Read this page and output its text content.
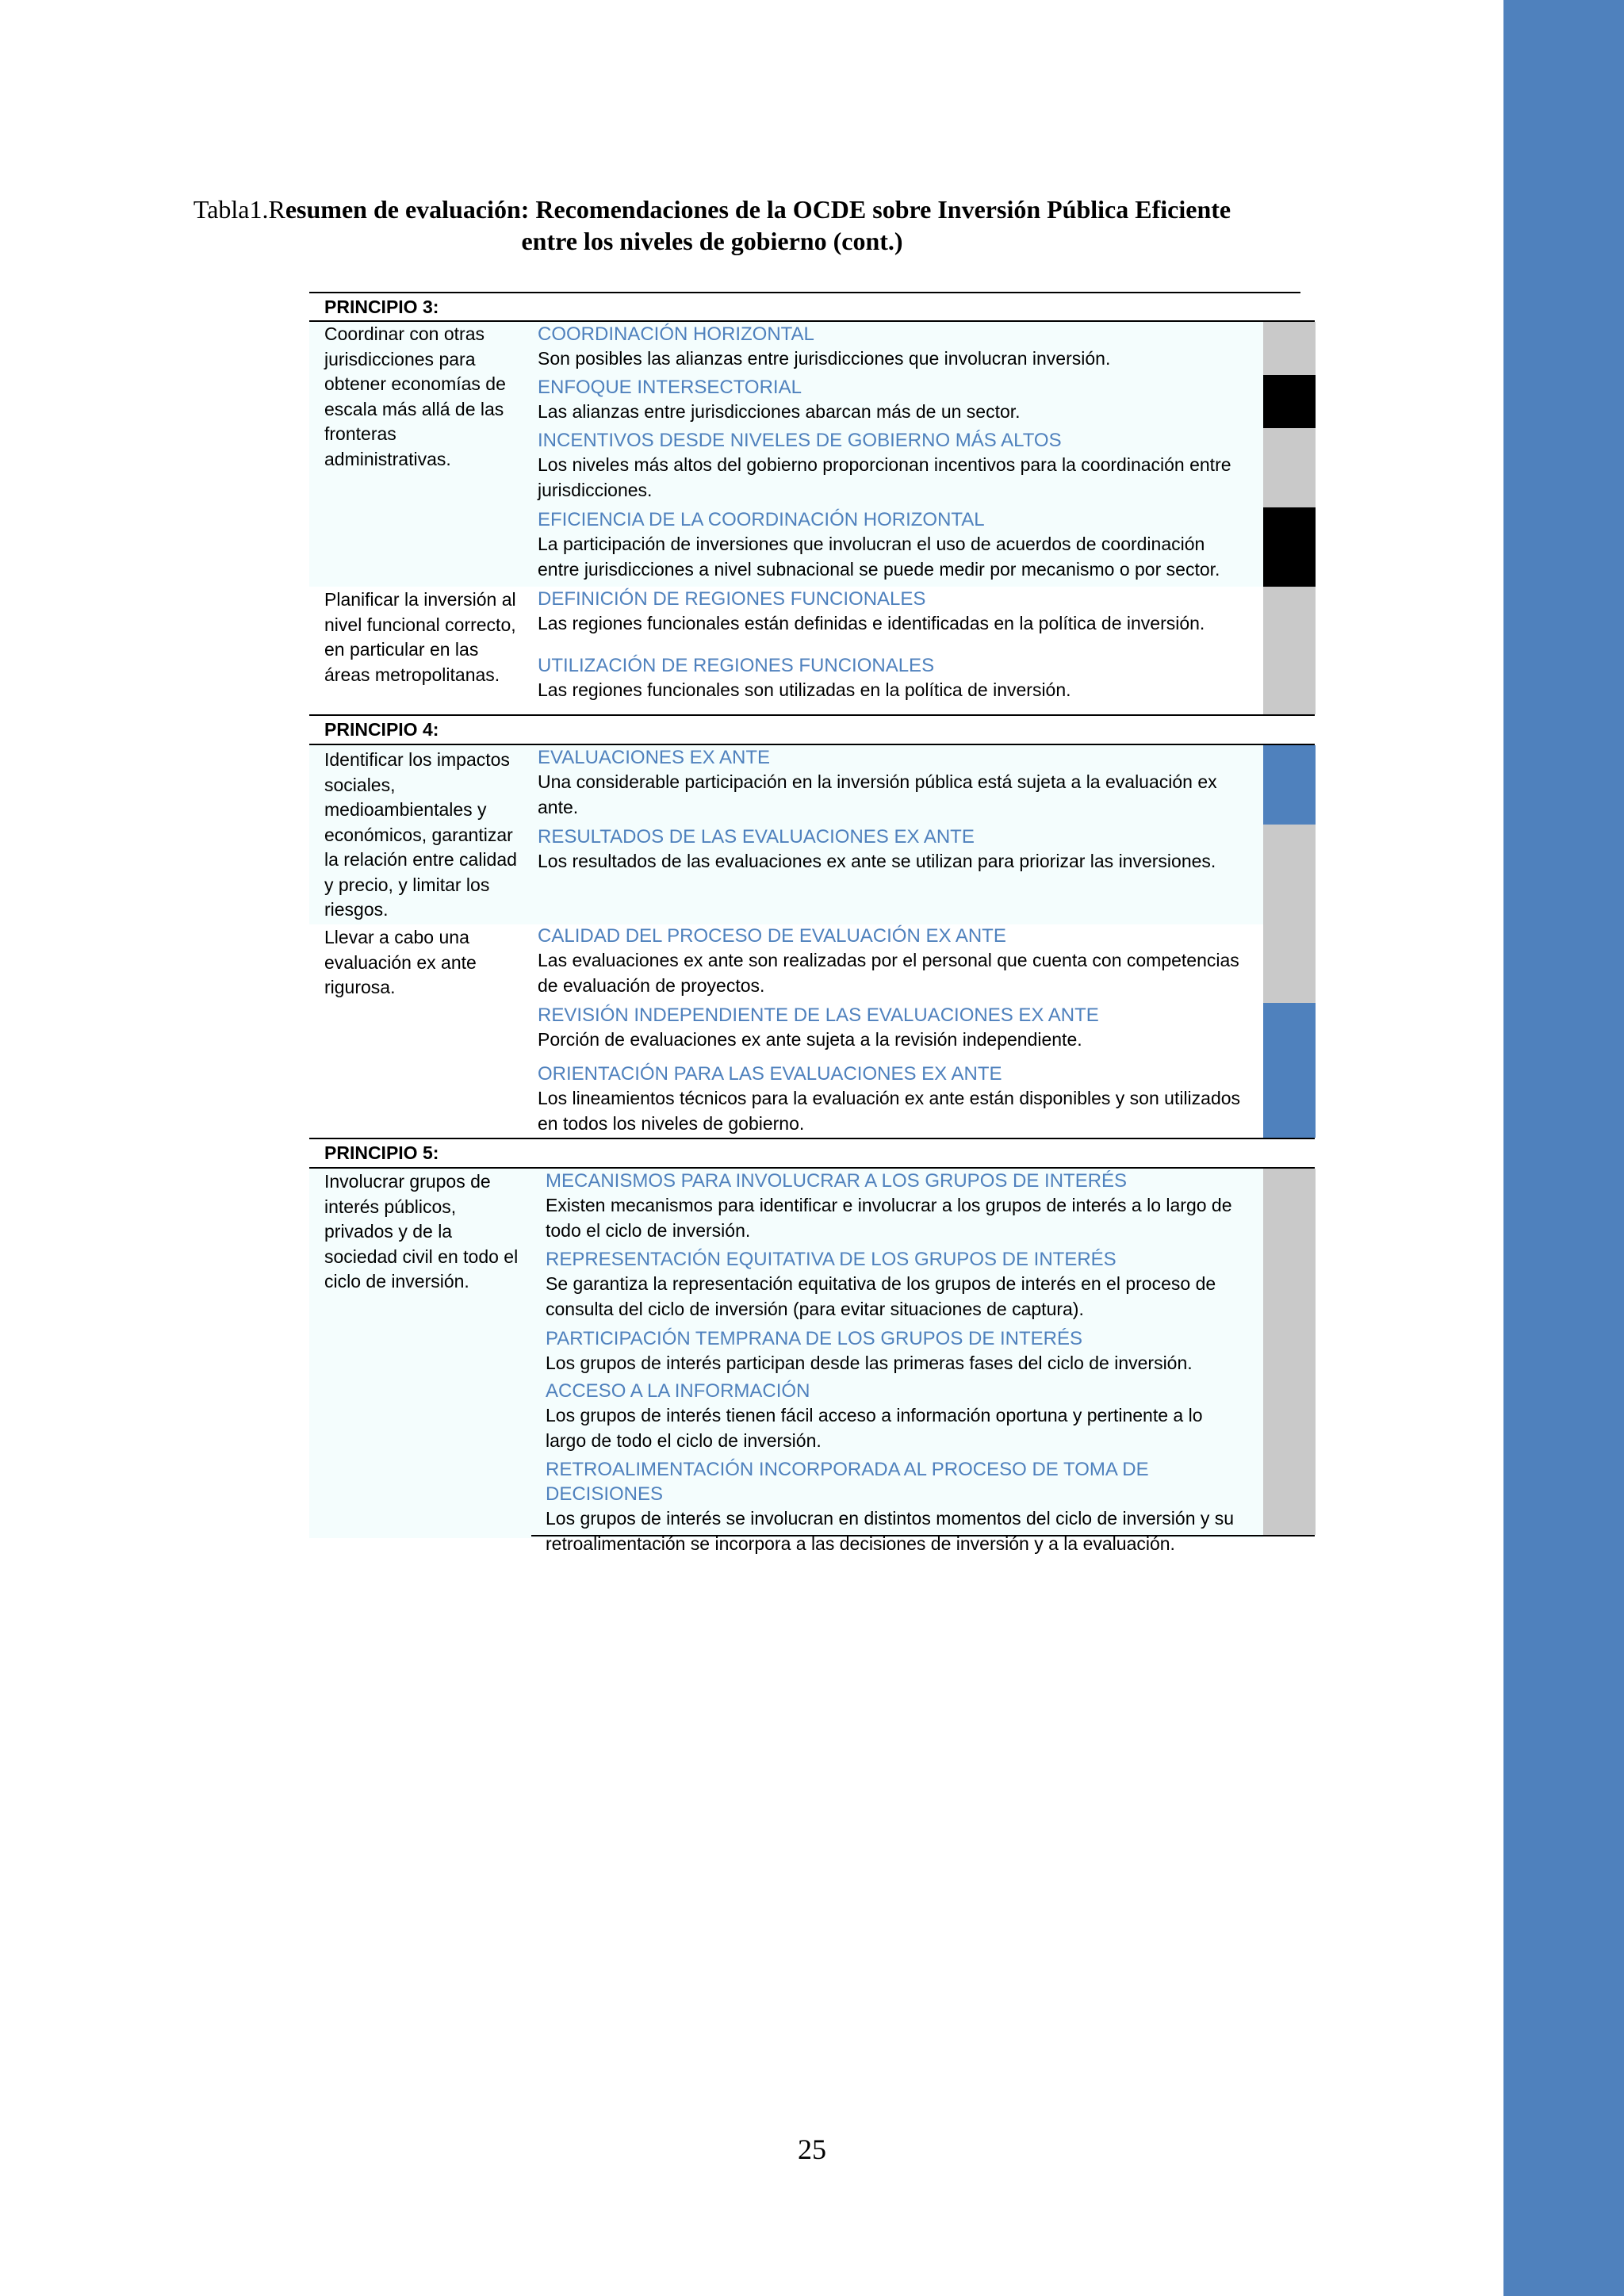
Tabla1.Resumen de evaluación: Recomendaciones de la OCDE sobre Inversión Pública Eficiente entre los niveles de gobierno (cont.)
PRINCIPIO 3:
PRINCIPIO 4:
PRINCIPIO 5:
Coordinar con otras jurisdicciones para obtener economías de escala más allá de las fronteras administrativas.
Planificar la inversión al nivel funcional correcto, en particular en las áreas metropolitanas.
Identificar los impactos sociales, medioambientales y económicos, garantizar la relación entre calidad y precio, y limitar los riesgos.
Llevar a cabo una evaluación ex ante rigurosa.
Involucrar grupos de interés públicos, privados y de la sociedad civil en todo el ciclo de inversión.
COORDINACIÓN HORIZONTAL
Son posibles las alianzas entre jurisdicciones que involucran inversión.
ENFOQUE INTERSECTORIAL
Las alianzas entre jurisdicciones abarcan más de un sector.
INCENTIVOS DESDE NIVELES DE GOBIERNO MÁS ALTOS
Los niveles más altos del gobierno proporcionan incentivos para la coordinación entre jurisdicciones.
EFICIENCIA DE LA COORDINACIÓN HORIZONTAL
La participación de inversiones que involucran el uso de acuerdos de coordinación entre jurisdicciones a nivel subnacional se puede medir por mecanismo o por sector.
DEFINICIÓN DE REGIONES FUNCIONALES
Las regiones funcionales están definidas e identificadas en la política de inversión.
UTILIZACIÓN DE REGIONES FUNCIONALES
Las regiones funcionales son utilizadas en la política de inversión.
EVALUACIONES EX ANTE
Una considerable participación en la inversión pública está sujeta a la evaluación ex ante.
RESULTADOS DE LAS EVALUACIONES EX ANTE
Los resultados de las evaluaciones ex ante se utilizan para priorizar las inversiones.
CALIDAD DEL PROCESO DE EVALUACIÓN EX ANTE
Las evaluaciones ex ante son realizadas por el personal que cuenta con competencias de evaluación de proyectos.
REVISIÓN INDEPENDIENTE DE LAS EVALUACIONES EX ANTE
Porción de evaluaciones ex ante sujeta a la revisión independiente.
ORIENTACIÓN PARA LAS EVALUACIONES EX ANTE
Los lineamientos técnicos para la evaluación ex ante están disponibles y son utilizados en todos los niveles de gobierno.
MECANISMOS PARA INVOLUCRAR A LOS GRUPOS DE INTERÉS
Existen mecanismos para identificar e involucrar a los grupos de interés a lo largo de todo el ciclo de inversión.
REPRESENTACIÓN EQUITATIVA DE LOS GRUPOS DE INTERÉS
Se garantiza la representación equitativa de los grupos de interés en el proceso de consulta del ciclo de inversión (para evitar situaciones de captura).
PARTICIPACIÓN TEMPRANA DE LOS GRUPOS DE INTERÉS
Los grupos de interés participan desde las primeras fases del ciclo de inversión.
ACCESO A LA INFORMACIÓN
Los grupos de interés tienen fácil acceso a información oportuna y pertinente a lo largo de todo el ciclo de inversión.
RETROALIMENTACIÓN INCORPORADA AL PROCESO DE TOMA DE DECISIONES
Los grupos de interés se involucran en distintos momentos del ciclo de inversión y su retroalimentación se incorpora a las decisiones de inversión y a la evaluación.
25
